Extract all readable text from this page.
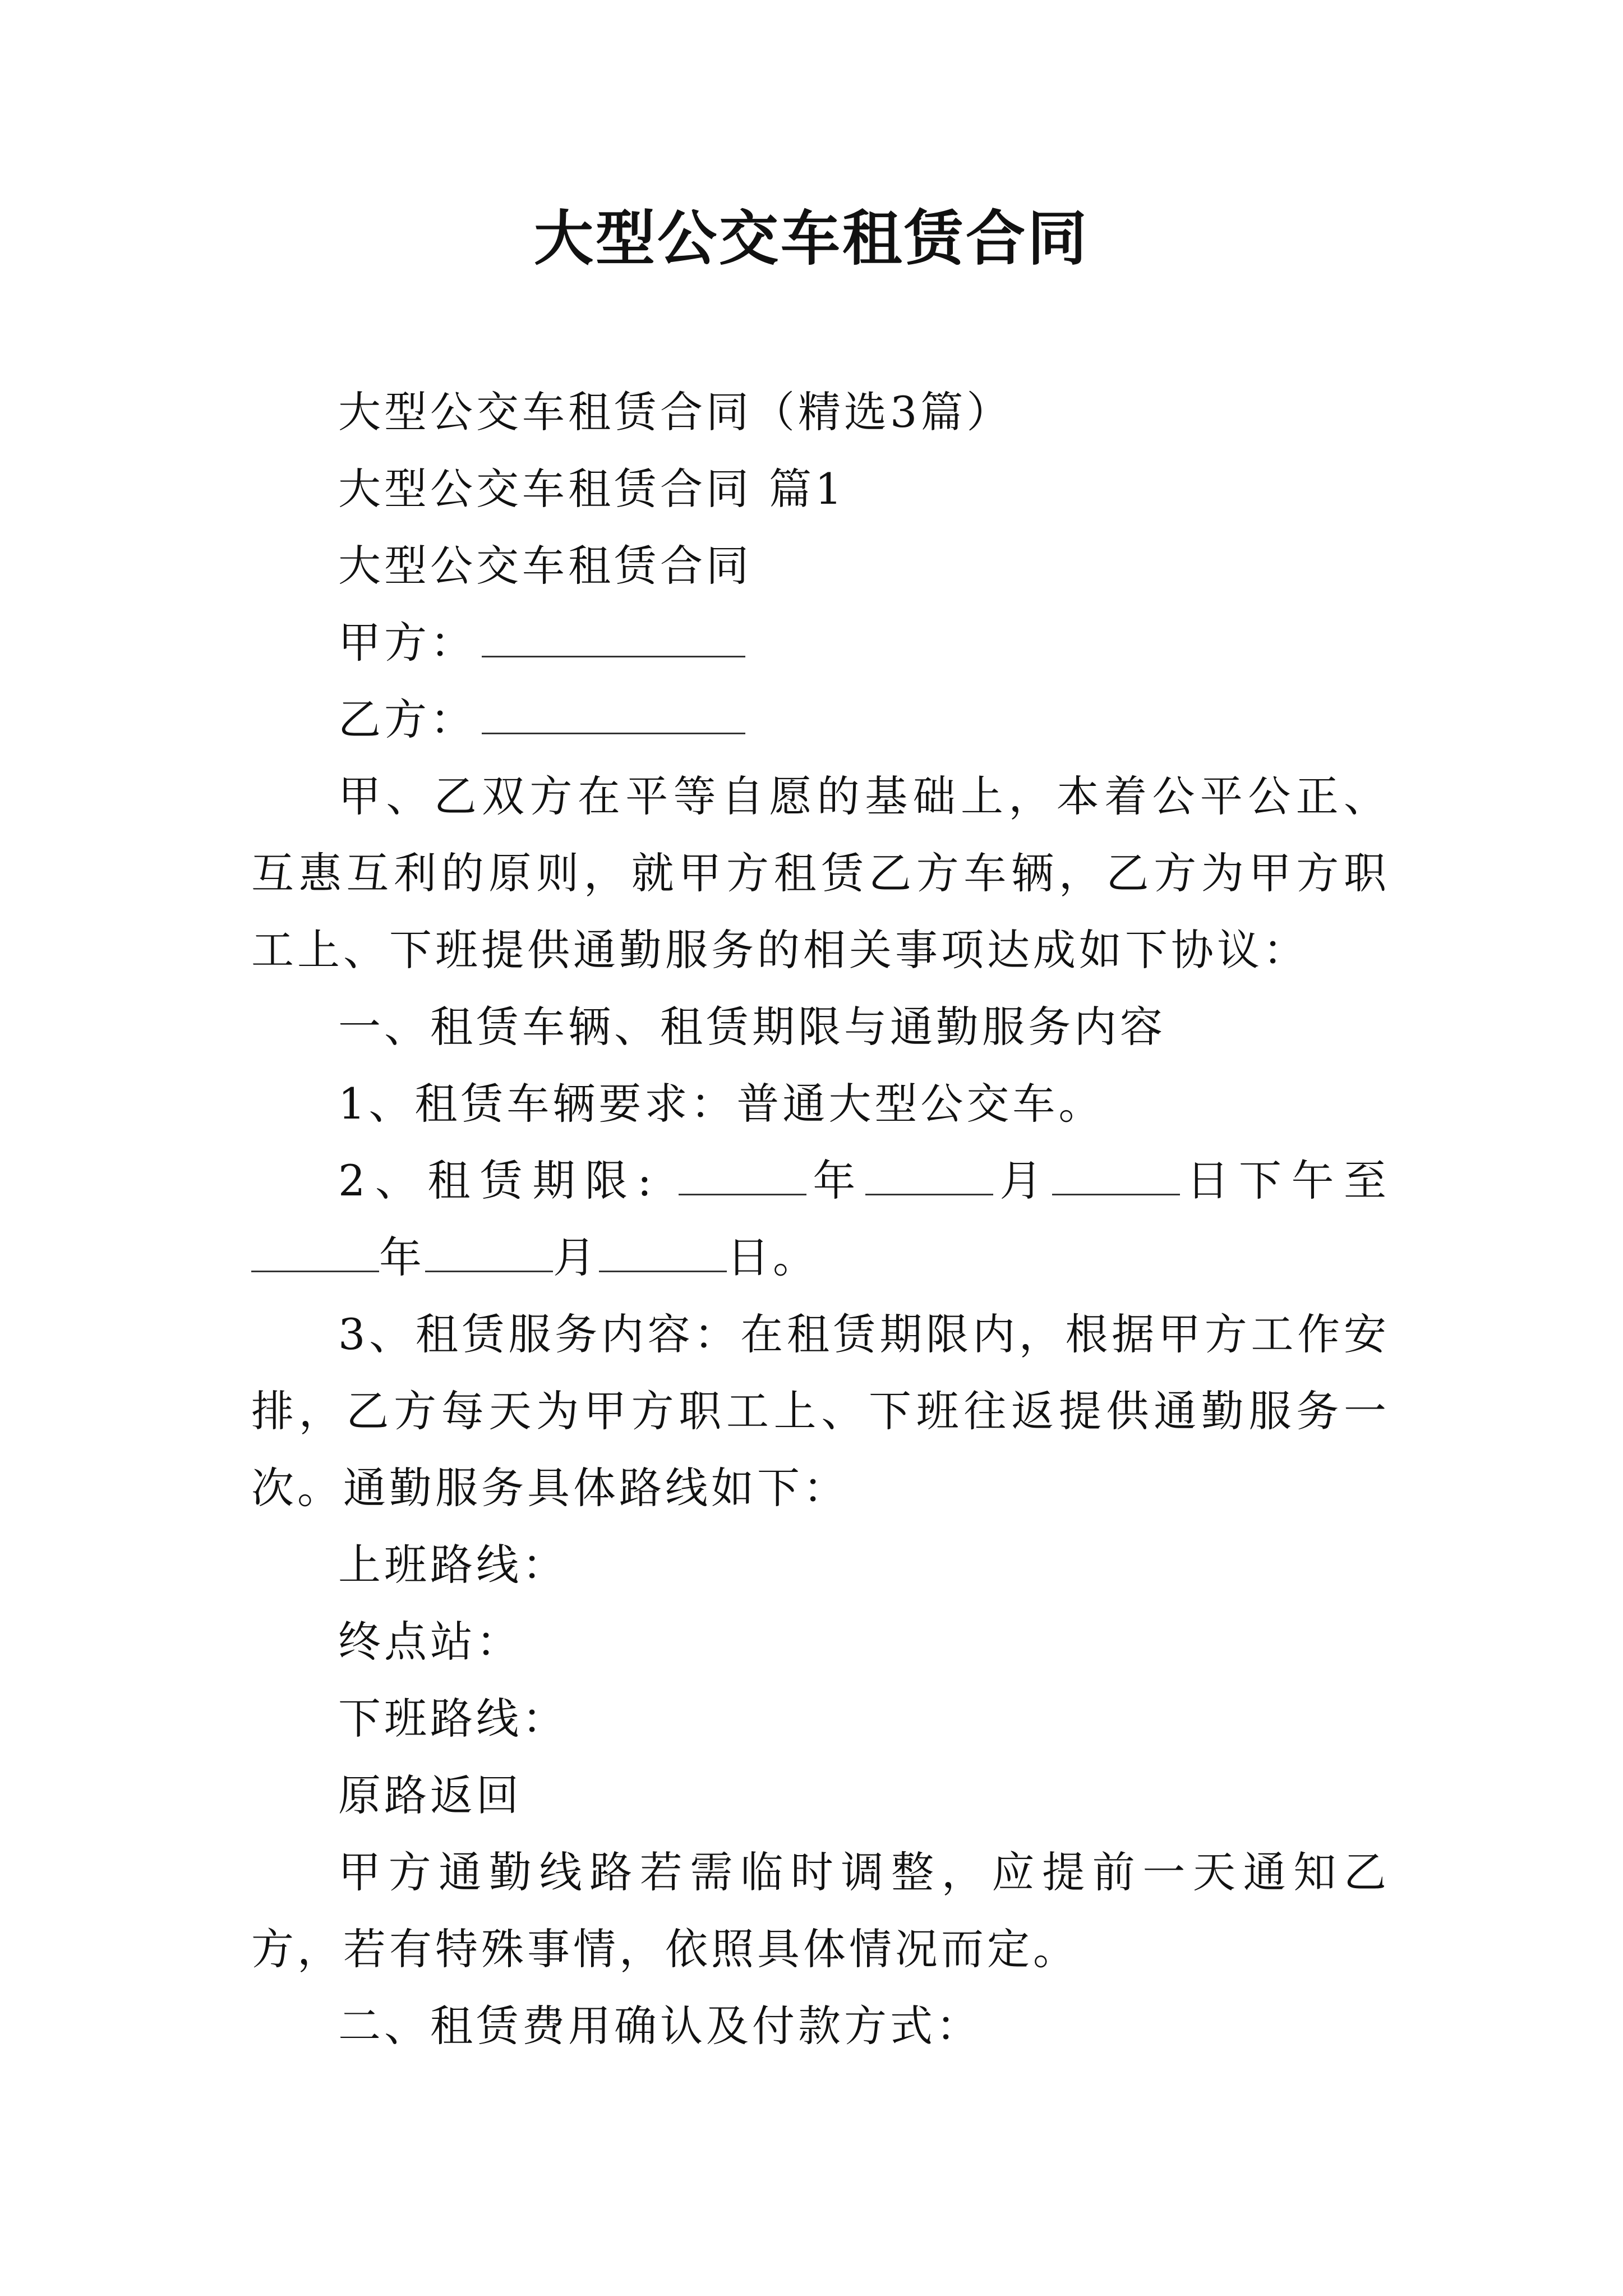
大型公交车租赁合同

大型公交车租赁合同（精选3篇）

大型公交车租赁合同 篇1

大型公交车租赁合同

甲方：

乙方：

甲、乙双方在平等自愿的基础上，本着公平公正、互惠互利的原则，就甲方租赁乙方车辆，乙方为甲方职工上、下班提供通勤服务的相关事项达成如下协议：

一、租赁车辆、租赁期限与通勤服务内容

1、租赁车辆要求：普通大型公交车。

2、租赁期限:	年	月	日下午至年	月	日。

3、租赁服务内容：在租赁期限内，根据甲方工作安排，乙方每天为甲方职工上、下班往返提供通勤服务一次。通勤服务具体路线如下：

上班路线：

终点站：

下班路线：

原路返回

甲方通勤线路若需临时调整，应提前一天通知乙方，若有特殊事情，依照具体情况而定。

二、租赁费用确认及付款方式：
